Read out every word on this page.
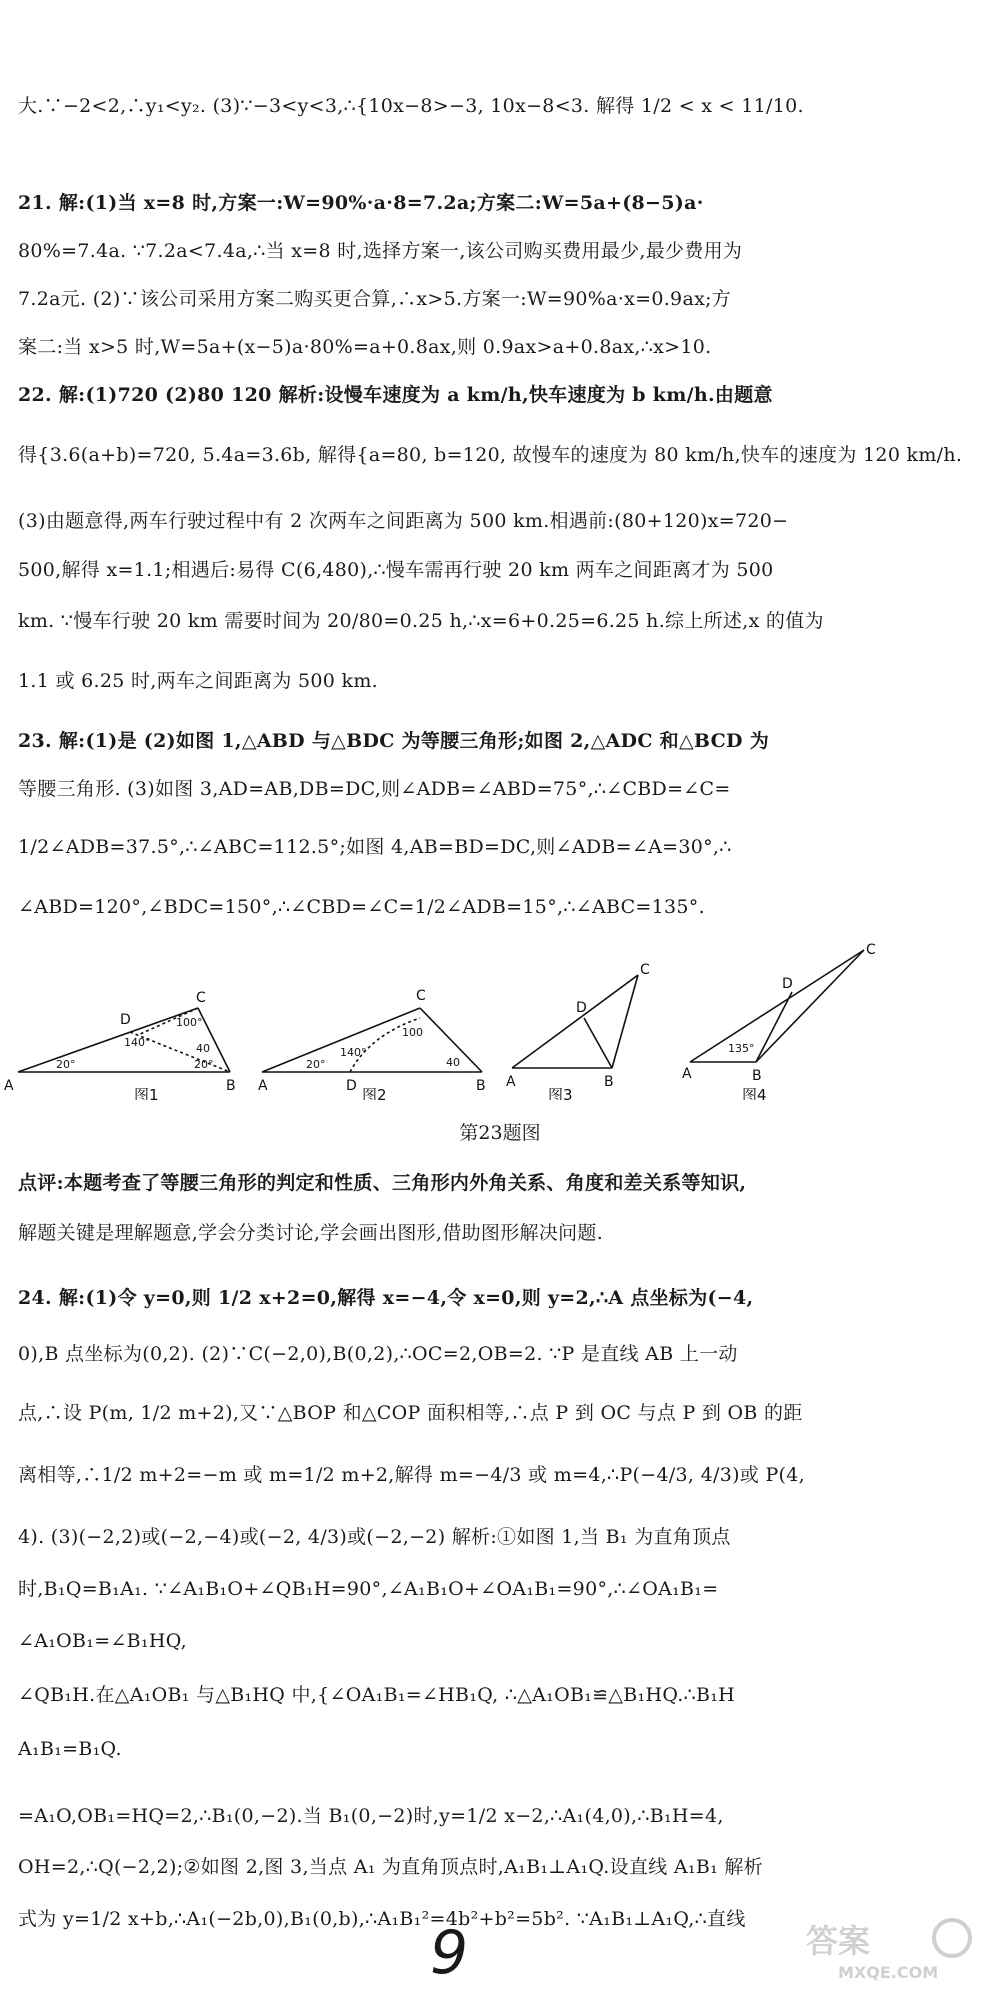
大.∵−2<2,∴y₁<y₂. (3)∵−3<y<3,∴{10x−8>−3, 10x−8<3. 解得 1/2 < x < 11/10.
21. 解:(1)当 x=8 时,方案一:W=90%·a·8=7.2a;方案二:W=5a+(8−5)a·
80%=7.4a. ∵7.2a<7.4a,∴当 x=8 时,选择方案一,该公司购买费用最少,最少费用为
7.2a元. (2)∵该公司采用方案二购买更合算,∴x>5.方案一:W=90%a·x=0.9ax;方
案二:当 x>5 时,W=5a+(x−5)a·80%=a+0.8ax,则 0.9ax>a+0.8ax,∴x>10.
22. 解:(1)720 (2)80 120 解析:设慢车速度为 a km/h,快车速度为 b km/h.由题意
得{3.6(a+b)=720, 5.4a=3.6b, 解得{a=80, b=120, 故慢车的速度为 80 km/h,快车的速度为 120 km/h.
(3)由题意得,两车行驶过程中有 2 次两车之间距离为 500 km.相遇前:(80+120)x=720−
500,解得 x=1.1;相遇后:易得 C(6,480),∴慢车需再行驶 20 km 两车之间距离才为 500
km. ∵慢车行驶 20 km 需要时间为 20/80=0.25 h,∴x=6+0.25=6.25 h.综上所述,x 的值为
1.1 或 6.25 时,两车之间距离为 500 km.
23. 解:(1)是 (2)如图 1,△ABD 与△BDC 为等腰三角形;如图 2,△ADC 和△BCD 为
等腰三角形. (3)如图 3,AD=AB,DB=DC,则∠ADB=∠ABD=75°,∴∠CBD=∠C=
1/2∠ADB=37.5°,∴∠ABC=112.5°;如图 4,AB=BD=DC,则∠ADB=∠A=30°,∴
∠ABD=120°,∠BDC=150°,∴∠CBD=∠C=1/2∠ADB=15°,∴∠ABC=135°.
点评:本题考查了等腰三角形的判定和性质、三角形内外角关系、角度和差关系等知识,
解题关键是理解题意,学会分类讨论,学会画出图形,借助图形解决问题.
24. 解:(1)令 y=0,则 1/2 x+2=0,解得 x=−4,令 x=0,则 y=2,∴A 点坐标为(−4,
0),B 点坐标为(0,2). (2)∵C(−2,0),B(0,2),∴OC=2,OB=2. ∵P 是直线 AB 上一动
点,∴设 P(m, 1/2 m+2),又∵△BOP 和△COP 面积相等,∴点 P 到 OC 与点 P 到 OB 的距
离相等,∴1/2 m+2=−m 或 m=1/2 m+2,解得 m=−4/3 或 m=4,∴P(−4/3, 4/3)或 P(4,
4). (3)(−2,2)或(−2,−4)或(−2, 4/3)或(−2,−2) 解析:①如图 1,当 B₁ 为直角顶点
时,B₁Q=B₁A₁. ∵∠A₁B₁O+∠QB₁H=90°,∠A₁B₁O+∠OA₁B₁=90°,∴∠OA₁B₁=
∠A₁OB₁=∠B₁HQ,
∠QB₁H.在△A₁OB₁ 与△B₁HQ 中,{∠OA₁B₁=∠HB₁Q, ∴△A₁OB₁≌△B₁HQ.∴B₁H
A₁B₁=B₁Q.
=A₁O,OB₁=HQ=2,∴B₁(0,−2).当 B₁(0,−2)时,y=1/2 x−2,∴A₁(4,0),∴B₁H=4,
OH=2,∴Q(−2,2);②如图 2,图 3,当点 A₁ 为直角顶点时,A₁B₁⊥A₁Q.设直线 A₁B₁ 解析
式为 y=1/2 x+b,∴A₁(−2b,0),B₁(0,b),∴A₁B₁²=4b²+b²=5b². ∵A₁B₁⊥A₁Q,∴直线
A	B
C
D
20°
140°	40
100°
20°
图1	A	B
C
D
20°
140°
100
40
图2
A	B
C
D
图3
A	B
C
D
135°
图4
第23题图
9	答案
MXQE.COM
